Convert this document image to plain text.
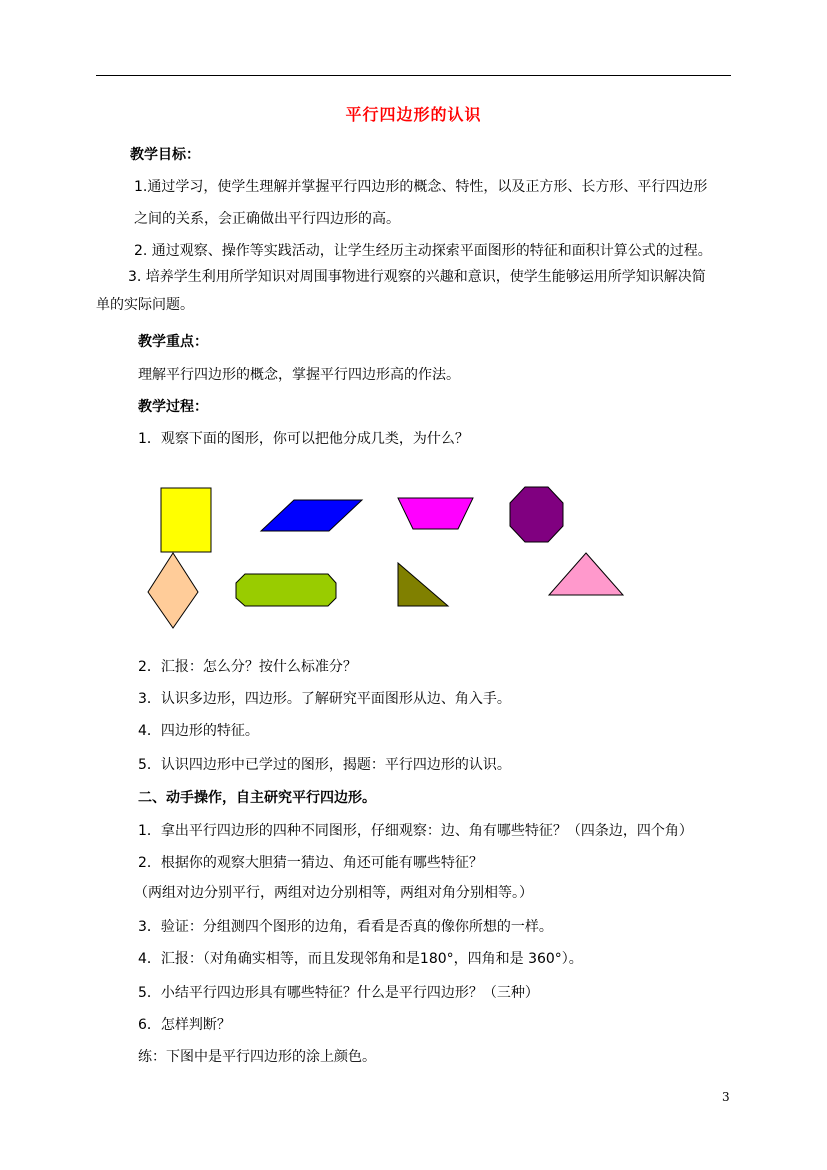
平行四边形的认识
教学目标：
1.通过学习，使学生理解并掌握平行四边形的概念、特性，以及正方形、长方形、平行四边形
之间的关系，会正确做出平行四边形的高。
2. 通过观察、操作等实践活动，让学生经历主动探索平面图形的特征和面积计算公式的过程。
3. 培养学生利用所学知识对周围事物进行观察的兴趣和意识，使学生能够运用所学知识解决简
单的实际问题。
教学重点：
理解平行四边形的概念，掌握平行四边形高的作法。
教学过程：
1．观察下面的图形，你可以把他分成几类，为什么？
2．汇报：怎么分？按什么标准分？
3．认识多边形，四边形。了解研究平面图形从边、角入手。
4．四边形的特征。
5．认识四边形中已学过的图形，揭题：平行四边形的认识。
二、动手操作，自主研究平行四边形。
1．拿出平行四边形的四种不同图形，仔细观察：边、角有哪些特征？（四条边，四个角）
2．根据你的观察大胆猜一猜边、角还可能有哪些特征？
（两组对边分别平行，两组对边分别相等，两组对角分别相等。）
3．验证：分组测四个图形的边角，看看是否真的像你所想的一样。
4．汇报：（对角确实相等，而且发现邻角和是180°，四角和是 360°）。
5．小结平行四边形具有哪些特征？什么是平行四边形？（三种）
6．怎样判断？
练：下图中是平行四边形的涂上颜色。
3
